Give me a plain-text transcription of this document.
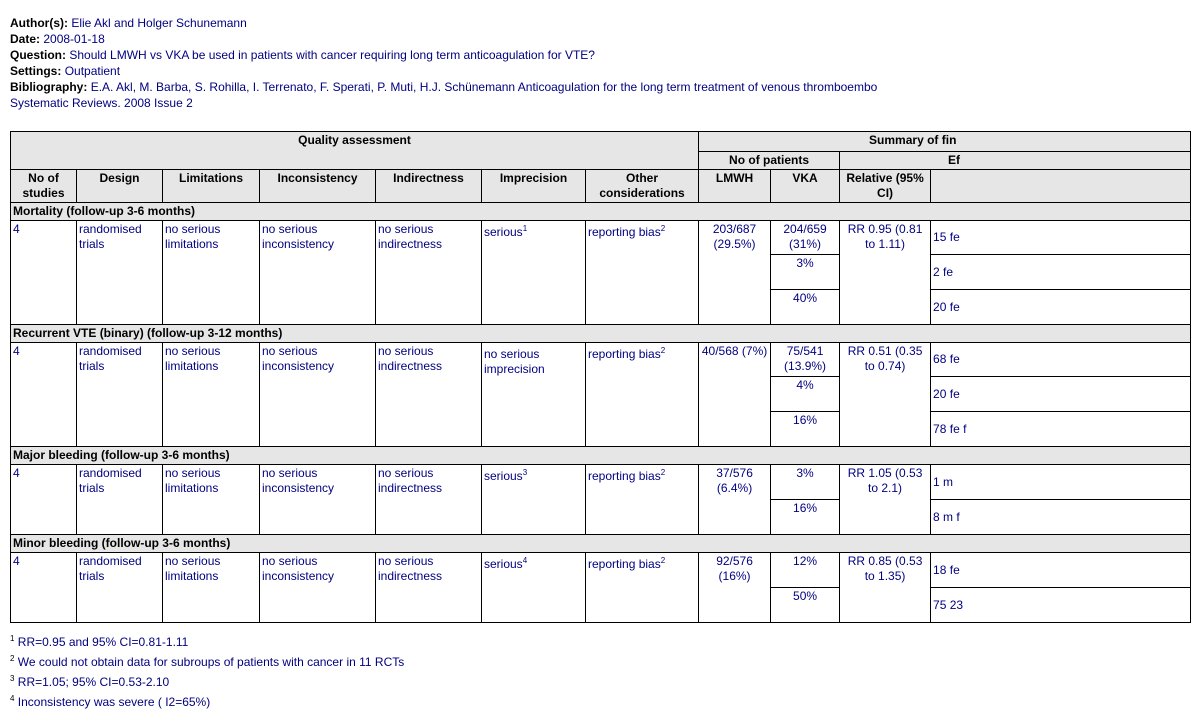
Author(s): Elie Akl and Holger Schunemann
Date: 2008-01-18
Question: Should LMWH vs VKA be used in patients with cancer requiring long term anticoagulation for VTE?
Settings: Outpatient
Bibliography: E.A. Akl, M. Barba, S. Rohilla, I. Terrenato, F. Sperati, P. Muti, H.J. Schünemann Anticoagulation for the long term treatment of venous thromboembo
Systematic Reviews. 2008 Issue 2
Quality assessment							Summary of fin			
							No of patients		Ef	
No of studies	Design	Limitations	Inconsistency	Indirectness	Imprecision	Other considerations	LMWH	VKA	Relative (95% CI)	
Mortality (follow-up 3-6 months)										
4	randomised trials	no serious limitations	no serious inconsistency	no serious indirectness	serious$^1$	reporting bias$^2$	203/687 (29.5%)	204/659 (31%)	RR 0.95 (0.81 to 1.11)	15 fe
								3%		2 fe
								40%		20 fe
Recurrent VTE (binary) (follow-up 3-12 months)										
4	randomised trials	no serious limitations	no serious inconsistency	no serious indirectness	no serious imprecision	reporting bias$^2$	40/568 (7%)	75/541 (13.9%)	RR 0.51 (0.35 to 0.74)	68 fe
								4%		20 fe
								16%		78 fe f
Major bleeding (follow-up 3-6 months)										
4	randomised trials	no serious limitations	no serious inconsistency	no serious indirectness	serious$^3$	reporting bias$^2$	37/576 (6.4%)	3%	RR 1.05 (0.53 to 2.1)	1 m
								16%		8 m f
Minor bleeding (follow-up 3-6 months)										
4	randomised trials	no serious limitations	no serious inconsistency	no serious indirectness	serious$^4$	reporting bias$^2$	92/576 (16%)	12%	RR 0.85 (0.53 to 1.35)	18 fe
								50%		75 23
$^1$ RR=0.95 and 95% CI=0.81-1.11
$^2$ We could not obtain data for subroups of patients with cancer in 11 RCTs
$^3$ RR=1.05; 95% CI=0.53-2.10
$^4$ Inconsistency was severe ( I2=65%)
